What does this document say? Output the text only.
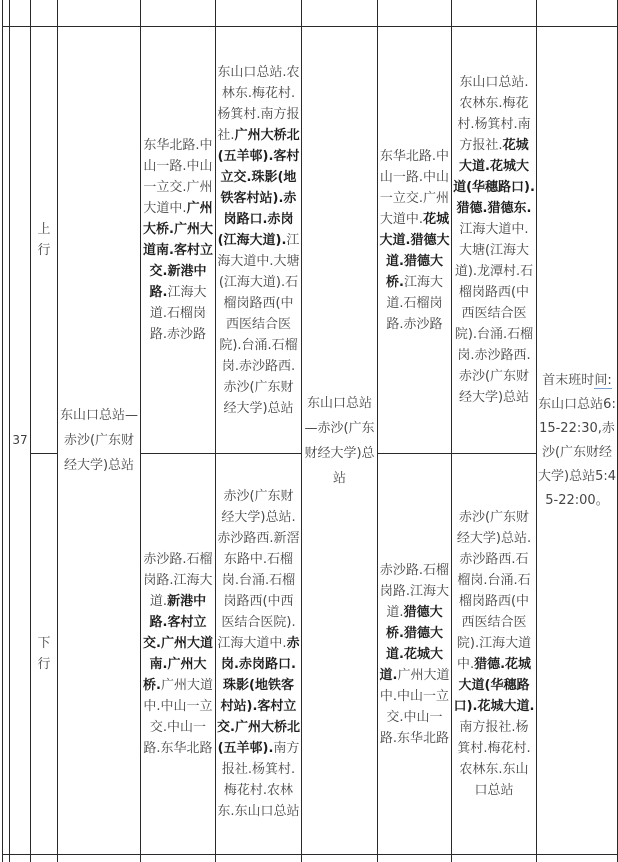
	37	上行	东山口总站—赤沙(广东财经大学)总站	东华北路.中山一路.中山一立交.广州大道中.广州大桥.广州大道南.客村立交.新港中路.江海大道.石榴岗路.赤沙路	东山口总站.农林东.梅花村.杨箕村.南方报社.广州大桥北(五羊邨).客村立交.珠影(地铁客村站).赤岗路口.赤岗(江海大道).江海大道中.大塘(江海大道).石榴岗路西(中西医结合医院).台涌.石榴岗.赤沙路西.赤沙(广东财经大学)总站	东山口总站—赤沙(广东财经大学)总站	东华北路.中山一路.中山一立交.广州大道中.花城大道.猎德大道.猎德大桥.江海大道.石榴岗路.赤沙路	东山口总站.农林东.梅花村.杨箕村.南方报社.花城大道.花城大道(华穗路口).猎德.猎德东.江海大道中.大塘(江海大道).龙潭村.石榴岗路西(中西医结合医院).台涌.石榴岗.赤沙路西.赤沙(广东财经大学)总站	首末班时间:东山口总站6:15-22:30,赤沙(广东财经大学)总站5:45-22:00。
		下行		赤沙路.石榴岗路.江海大道.新港中路.客村立交.广州大道南.广州大桥.广州大道中.中山一立交.中山一路.东华北路	赤沙(广东财经大学)总站.赤沙路西.新滘东路中.石榴岗.台涌.石榴岗路西(中西医结合医院).江海大道中.赤岗.赤岗路口.珠影(地铁客村站).客村立交.广州大桥北(五羊邨).南方报社.杨箕村.梅花村.农林东.东山口总站		赤沙路.石榴岗路.江海大道.猎德大桥.猎德大道.花城大道.广州大道中.中山一立交.中山一路.东华北路	赤沙(广东财经大学)总站.赤沙路西.石榴岗.台涌.石榴岗路西(中西医结合医院).江海大道中.猎德.花城大道(华穗路口).花城大道.南方报社.杨箕村.梅花村.农林东.东山口总站	
